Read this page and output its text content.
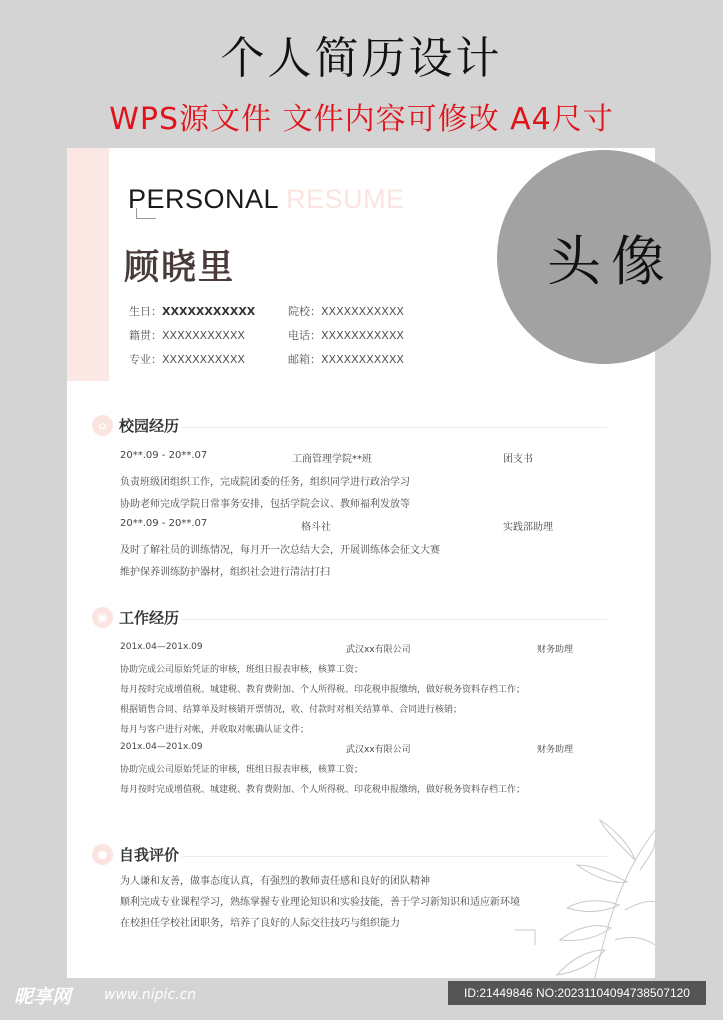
个人简历设计
WPS源文件 文件内容可修改 A4尺寸
头像
PERSONAL RESUME
顾晓里
生日：XXXXXXXXXXX	院校：XXXXXXXXXXX
籍贯：XXXXXXXXXXX	电话：XXXXXXXXXXX
专业：XXXXXXXXXXX	邮箱：XXXXXXXXXXX
⌂ 校园经历
20**.09 - 20**.07	工商管理学院**班	团支书
负责班级团组织工作，完成院团委的任务，组织同学进行政治学习
协助老师完成学院日常事务安排，包括学院会议、教师福利发放等
20**.09 - 20**.07	格斗社	实践部助理
及时了解社员的训练情况，每月开一次总结大会，开展训练体会征文大赛
维护保养训练防护器材，组织社会进行清洁打扫
▣ 工作经历
201x.04—201x.09	武汉xx有限公司	财务助理
协助完成公司原始凭证的审核，班组日报表审核，核算工资；
每月按时完成增值税、城建税、教育费附加、个人所得税、印花税申报缴纳，做好税务资料存档工作；
根据销售合同、结算单及时核销开票情况，收、付款时对相关结算单、合同进行核销；
每月与客户进行对帐，并收取对帐确认证文件；
201x.04—201x.09	武汉xx有限公司	财务助理
协助完成公司原始凭证的审核，班组日报表审核，核算工资；
每月按时完成增值税、城建税、教育费附加、个人所得税、印花税申报缴纳，做好税务资料存档工作；
● 自我评价
为人谦和友善，做事态度认真，有强烈的教师责任感和良好的团队精神
顺利完成专业课程学习，熟练掌握专业理论知识和实验技能，善于学习新知识和适应新环境
在校担任学校社团职务，培养了良好的人际交往技巧与组织能力
昵享网 www.nipic.cn	ID:21449846 NO:20231104094738507120
